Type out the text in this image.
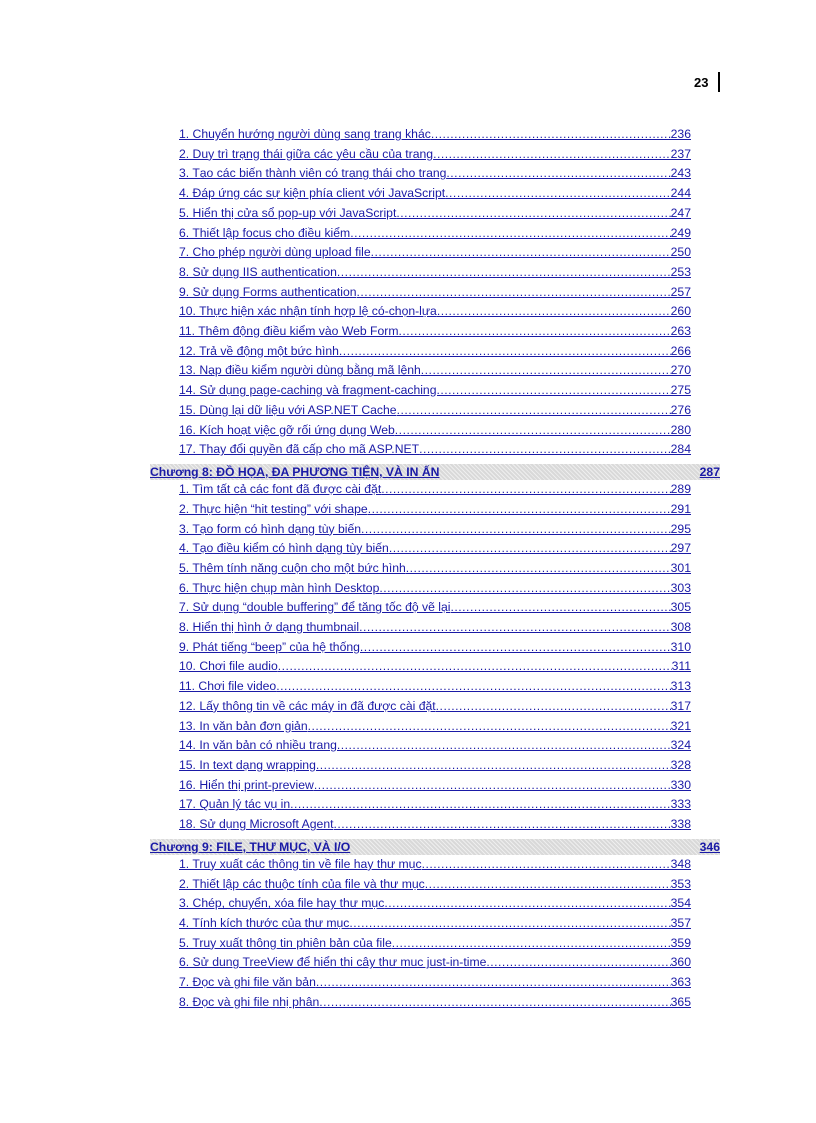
23
1. Chuyển hướng người dùng sang trang khác .....	236
2. Duy trì trạng thái giữa các yêu cầu của trang .....	237
3. Tạo các biến thành viên có trạng thái cho trang .....	243
4. Đáp ứng các sự kiện phía client với JavaScript .....	244
5. Hiển thị cửa sổ pop-up với JavaScript .....	247
6. Thiết lập focus cho điều kiểm .....	249
7. Cho phép người dùng upload file .....	250
8. Sử dụng IIS authentication .....	253
9. Sử dụng Forms authentication .....	257
10. Thực hiện xác nhận tính hợp lệ có-chọn-lựa .....	260
11. Thêm động điều kiểm vào Web Form .....	263
12. Trả về động một bức hình .....	266
13. Nạp điều kiểm người dùng bằng mã lệnh .....	270
14. Sử dụng page-caching và fragment-caching .....	275
15. Dùng lại dữ liệu với ASP.NET Cache .....	276
16. Kích hoạt việc gỡ rối ứng dụng Web .....	280
17. Thay đổi quyền đã cấp cho mã ASP.NET .....	284
Chương 8: ĐỒ HỌA, ĐA PHƯƠNG TIỆN, VÀ IN ẤN	287
1. Tìm tất cả các font đã được cài đặt .....	289
2. Thực hiện “hit testing” với shape .....	291
3. Tạo form có hình dạng tùy biến .....	295
4. Tạo điều kiểm có hình dạng tùy biến .....	297
5. Thêm tính năng cuộn cho một bức hình .....	301
6. Thực hiện chụp màn hình Desktop .....	303
7. Sử dụng “double buffering” để tăng tốc độ vẽ lại .....	305
8. Hiển thị hình ở dạng thumbnail .....	308
9. Phát tiếng “beep” của hệ thống .....	310
10. Chơi file audio .....	311
11. Chơi file video .....	313
12. Lấy thông tin về các máy in đã được cài đặt .....	317
13. In văn bản đơn giản .....	321
14. In văn bản có nhiều trang .....	324
15. In text dạng wrapping .....	328
16. Hiển thị print-preview .....	330
17. Quản lý tác vụ in .....	333
18. Sử dụng Microsoft Agent .....	338
Chương 9: FILE, THƯ MỤC, VÀ I/O	346
1. Truy xuất các thông tin về file hay thư mục .....	348
2. Thiết lập các thuộc tính của file và thư mục .....	353
3. Chép, chuyển, xóa file hay thư mục .....	354
4. Tính kích thước của thư mục .....	357
5. Truy xuất thông tin phiên bản của file .....	359
6. Sử dụng TreeView để hiển thị cây thư mục just-in-time .....	360
7. Đọc và ghi file văn bản .....	363
8. Đọc và ghi file nhị phân .....	365
